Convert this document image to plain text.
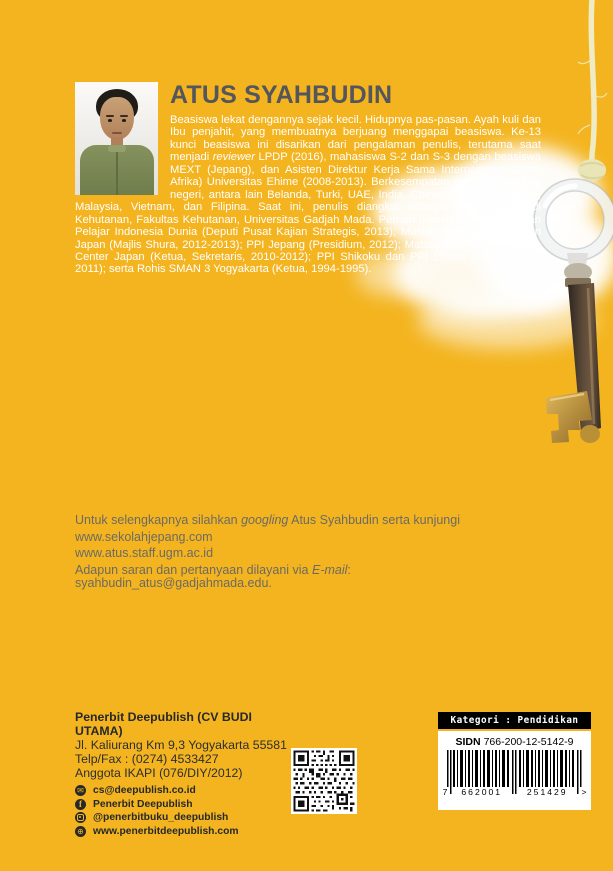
ATUS SYAHBUDIN

Beasiswa lekat dengannya sejak kecil. Hidupnya pas-pasan. Ayah kuli dan Ibu penjahit, yang membuatnya berjuang menggapai beasiswa. Ke-13 kunci beasiswa ini disarikan dari pengalaman penulis, terutama saat menjadi reviewer LPDP (2016), mahasiswa S-2 dan S-3 dengan beasiswa MEXT (Jepang), dan Asisten Direktur Kerja Sama Internasional (Asia-Afrika) Universitas Ehime (2008-2013). Berkesempatan mengunjungi luar negeri, antara lain Belanda, Turki, UAE, India, China, Korsel, Singapura, Malaysia, Vietnam, dan Filipina. Saat ini, penulis diangkat sebagai Sekretaris Prodi Kehutanan, Fakultas Kehutanan, Universitas Gadjah Mada. Pernah memimpin Perhimpunan Pelajar Indonesia Dunia (Deputi Pusat Kajian Strategis, 2013); Muslim Student Association Japan (Majlis Shura, 2012-2013); PPI Jepang (Presidium, 2012); Matsuyama Islamic Culture Center Japan (Ketua, Sekretaris, 2010-2012); PPI Shikoku dan PPI Ehime (Ketua, 2009-2011); serta Rohis SMAN 3 Yogyakarta (Ketua, 1994-1995).

Untuk selengkapnya silahkan googling Atus Syahbudin serta kunjungi
www.sekolahjepang.com
www.atus.staff.ugm.ac.id
Adapun saran dan pertanyaan dilayani via E-mail:
syahbudin_atus@gadjahmada.edu.
Penerbit Deepublish (CV BUDI UTAMA)
Jl. Kaliurang Km 9,3 Yogyakarta 55581
Telp/Fax : (0274) 4533427
Anggota IKAPI (076/DIY/2012)
✉ cs@deepublish.co.id
f	Penerbit Deepublish
@penerbitbuku_deepublish
⊕ www.penerbitdeepublish.com
Kategori : Pendidikan
SIDN 766-200-12-5142-9
7	662001	251429	>
